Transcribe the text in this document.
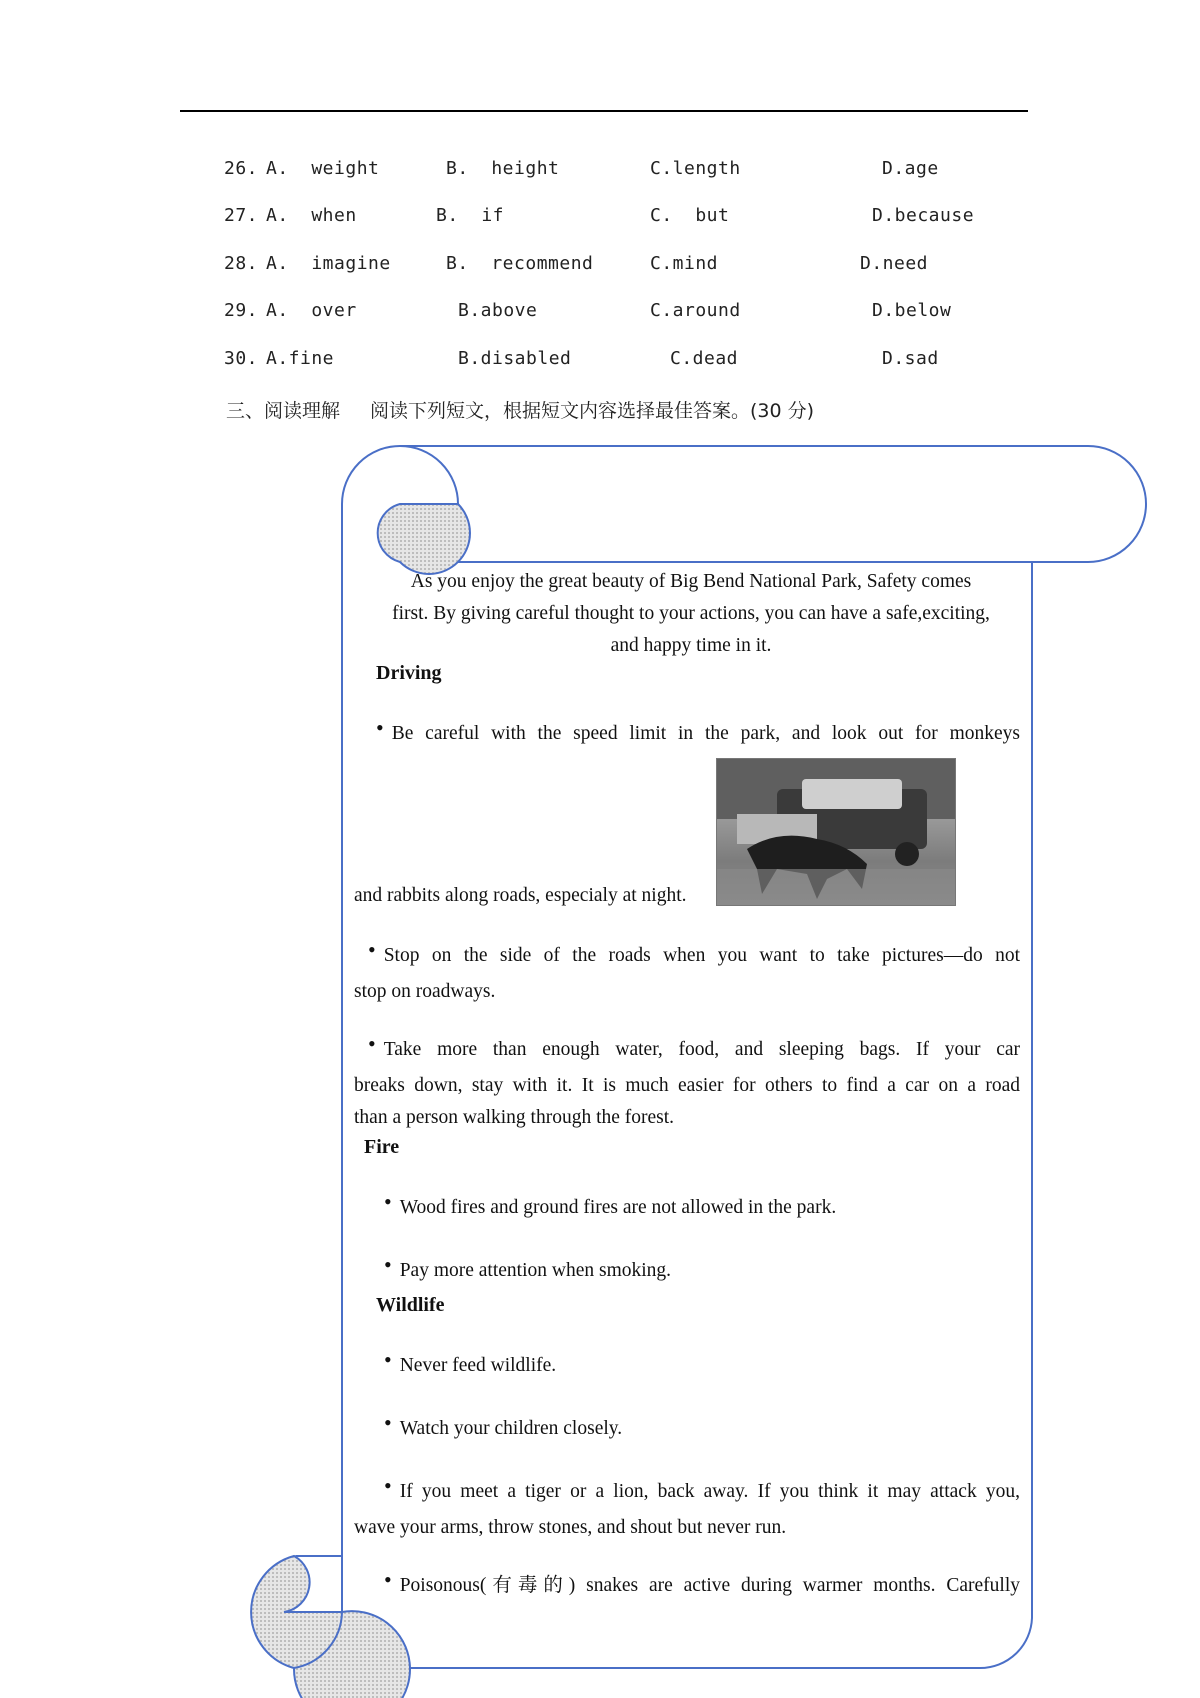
26. A.  weight	B.  height	C.length	D.age
27. A.  when	B.  if	C.  but	D.because
28. A.  imagine	B.  recommend	C.mind	D.need
29. A.  over	B.above	C.around	D.below
30. A.fine	B.disabled	C.dead	D.sad
三、阅读理解 阅读下列短文，根据短文内容选择最佳答案。(30 分)
As you enjoy the great beauty of Big Bend National Park, Safety comes
first. By giving careful thought to your actions, you can have a safe,exciting,
and happy time in it.
Driving
• Be careful with the speed limit in the park, and look out for monkeys
and rabbits along roads, especialy at night.
• Stop on the side of the roads when you want to take pictures—do not
stop on roadways.
• Take more than enough water, food, and sleeping bags. If your car
breaks down, stay with it. It is much easier for others to find a car on a road
than a person walking through the forest.
Fire
• Wood fires and ground fires are not allowed in the park.
• Pay more attention when smoking.
Wildlife
• Never feed wildlife.
• Watch your children closely.
• If you meet a tiger or a lion, back away. If you think it may attack you,
wave your arms, throw stones, and shout but never run.
• Poisonous(有毒的) snakes are active during warmer months. Carefully
